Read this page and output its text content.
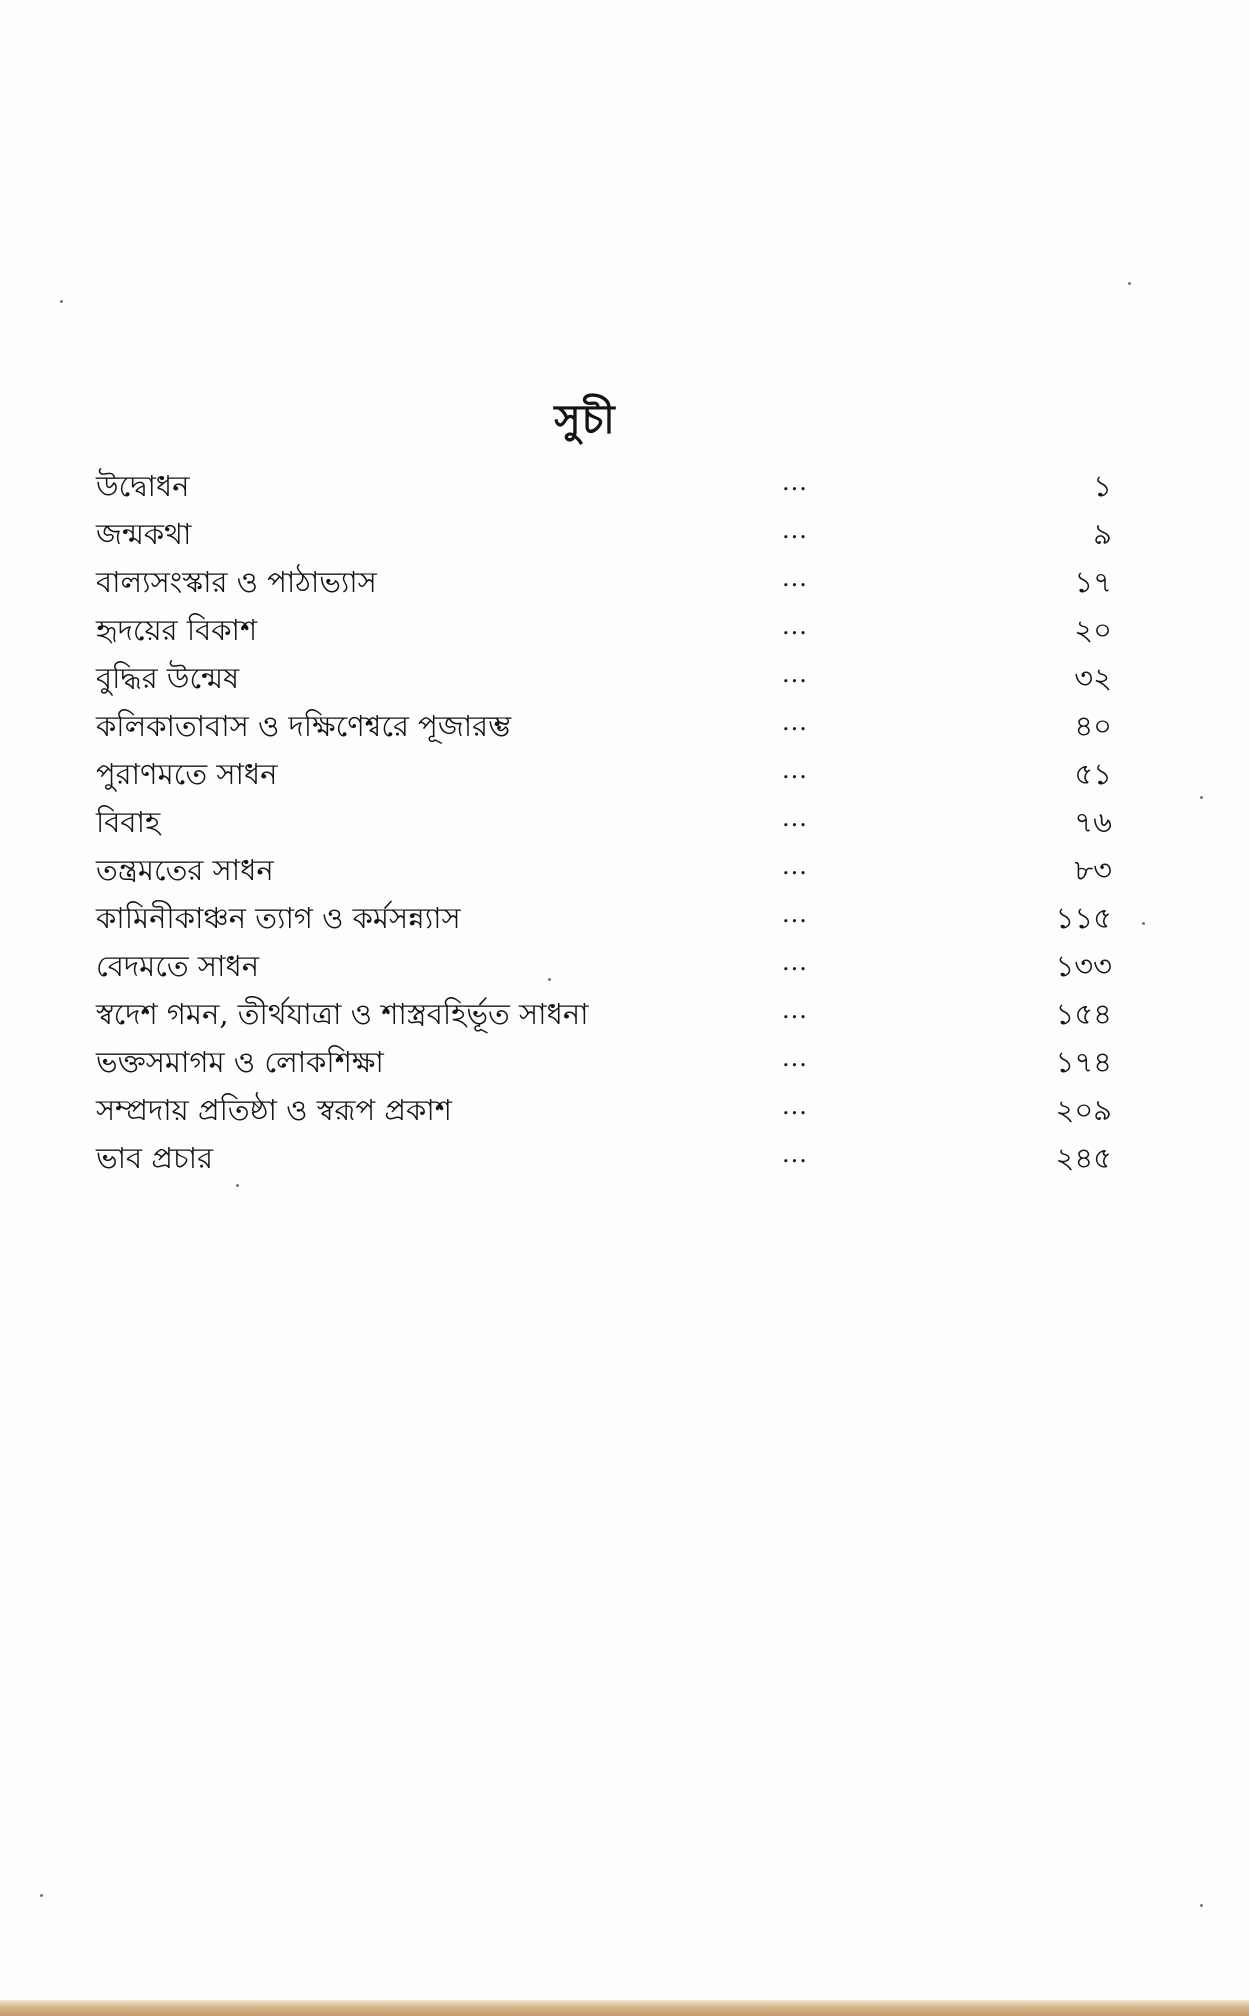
সুচী
উদ্বোধন	...	১
জন্মকথা	...	৯
বাল্যসংস্কার ও পাঠাভ্যাস	...	১৭
হৃদয়ের বিকাশ	...	২০
বুদ্ধির উন্মেষ	...	৩২
কলিকাতাবাস ও দক্ষিণেশ্বরে পূজারম্ভ	...	৪০
পুরাণমতে সাধন	...	৫১
বিবাহ	...	৭৬
তন্ত্রমতের সাধন	...	৮৩
কামিনীকাঞ্চন ত্যাগ ও কর্মসন্ন্যাস	...	১১৫
বেদমতে সাধন	...	১৩৩
স্বদেশ গমন, তীর্থযাত্রা ও শাস্ত্রবহির্ভূত সাধনা	...	১৫৪
ভক্তসমাগম ও লোকশিক্ষা	...	১৭৪
সম্প্রদায় প্রতিষ্ঠা ও স্বরূপ প্রকাশ	...	২০৯
ভাব প্রচার	...	২৪৫
